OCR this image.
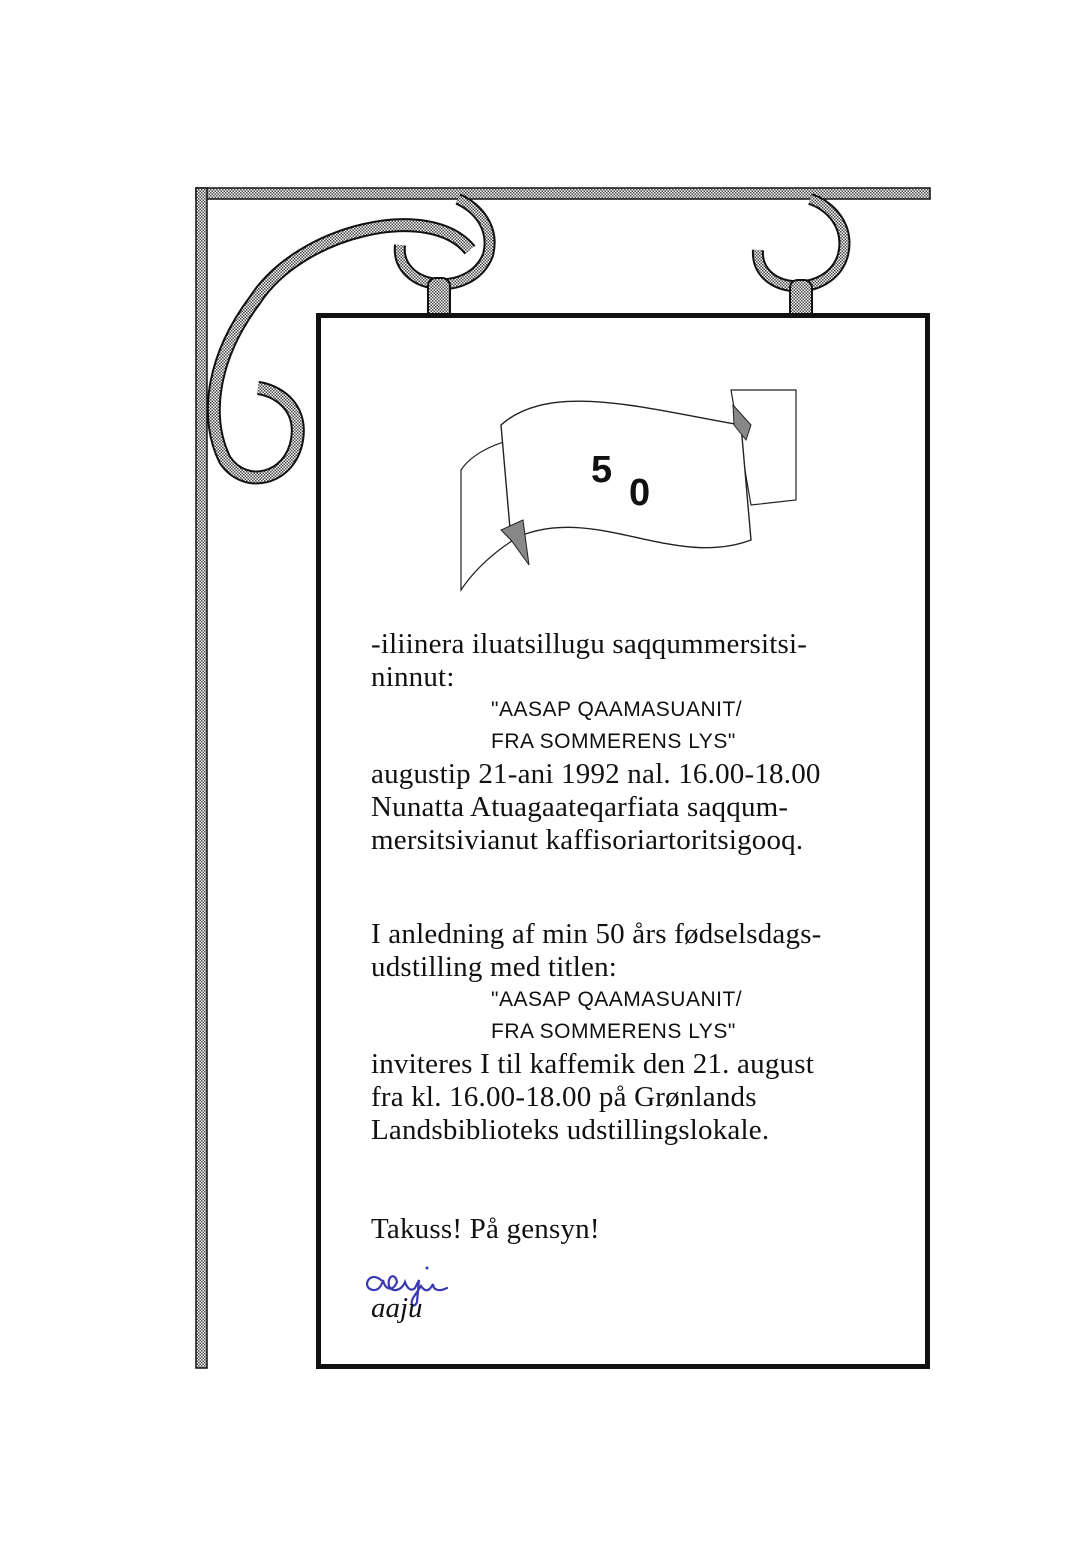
5
0
-iliinera iluatsillugu saqqummersitsi-
ninnut:
"AASAP QAAMASUANIT/
FRA SOMMERENS LYS"
augustip 21-ani 1992 nal. 16.00-18.00
Nunatta Atuagaateqarfiata saqqum-
mersitsivianut kaffisoriartoritsigooq.
I anledning af min 50 års fødselsdags-
udstilling med titlen:
"AASAP QAAMASUANIT/
FRA SOMMERENS LYS"
inviteres I til kaffemik den 21. august
fra kl. 16.00-18.00 på Grønlands
Landsbiblioteks udstillingslokale.
Takuss! På gensyn!
aaju
